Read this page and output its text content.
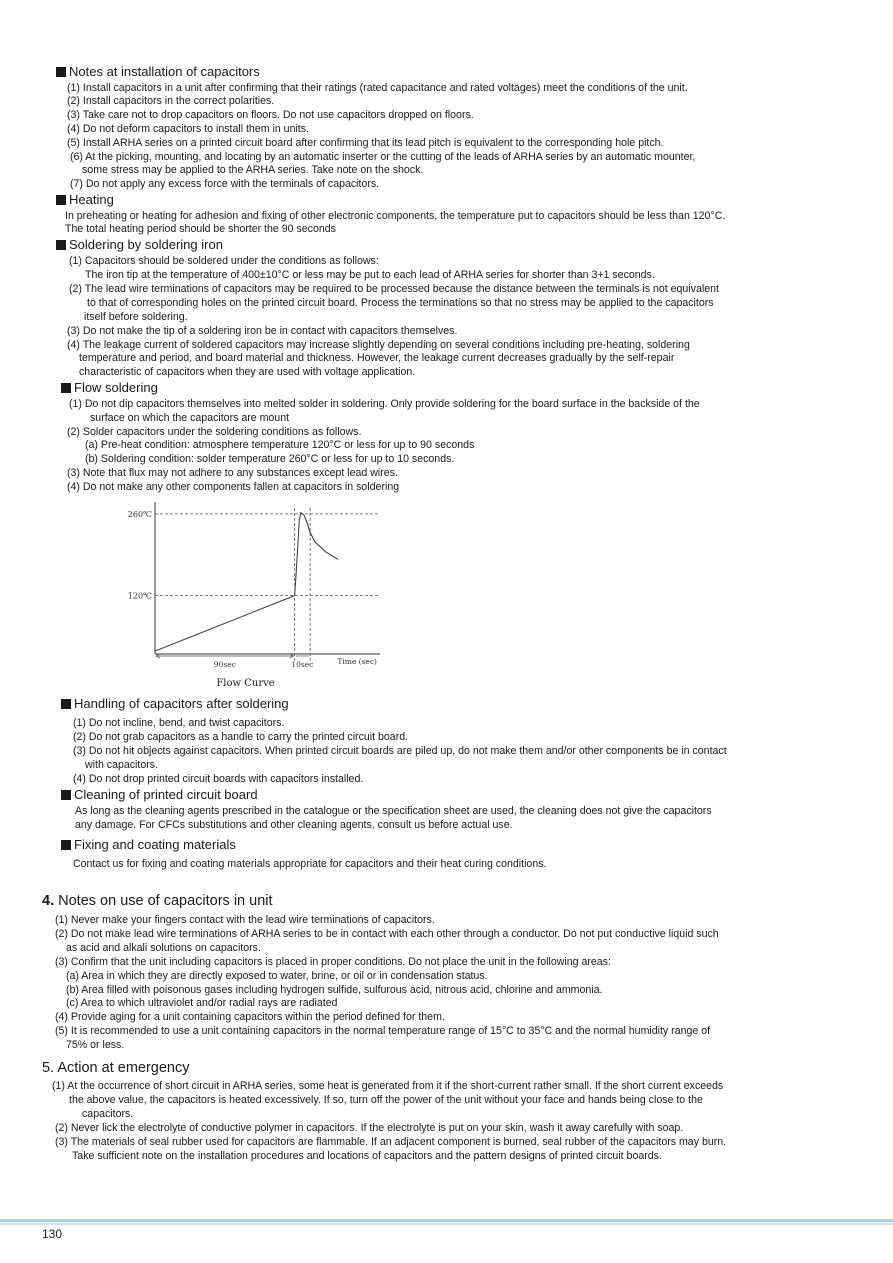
Notes at installation of capacitors
(1) Install capacitors in a unit after confirming that their ratings (rated capacitance and rated voltages) meet the conditions of the unit.
(2) Install capacitors in the correct polarities.
(3) Take care not to drop capacitors on floors. Do not use capacitors dropped on floors.
(4) Do not deform capacitors to install them in units.
(5) Install ARHA series on a printed circuit board after confirming that its lead pitch is equivalent to the corresponding hole pitch.
(6) At the picking, mounting, and locating by an automatic inserter or the cutting of the leads of ARHA series by an automatic mounter,
some stress may be applied to the ARHA series. Take note on the shock.
(7) Do not apply any excess force with the terminals of capacitors.
Heating
In preheating or heating for adhesion and fixing of other electronic components, the temperature put to capacitors should be less than 120°C.
The total heating period should be shorter the 90 seconds
Soldering by soldering iron
(1) Capacitors should be soldered under the conditions as follows:
The iron tip at the temperature of 400±10°C or less may be put to each lead of ARHA series for shorter than 3+1 seconds.
(2) The lead wire terminations of capacitors may be required to be processed because the distance between the terminals is not equivalent
to that of corresponding holes on the printed circuit board. Process the terminations so that no stress may be applied to the capacitors
itself before soldering.
(3) Do not make the tip of a soldering iron be in contact with capacitors themselves.
(4) The leakage current of soldered capacitors may increase slightly depending on several conditions including pre-heating, soldering
temperature and period, and board material and thickness. However, the leakage current decreases gradually by the self-repair
characteristic of capacitors when they are used with voltage application.
Flow soldering
(1) Do not dip capacitors themselves into melted solder in soldering. Only provide soldering for the board surface in the backside of the
surface on which the capacitors are mount
(2) Solder capacitors under the soldering conditions as follows.
(a) Pre-heat condition: atmosphere temperature 120°C or less for up to 90 seconds
(b) Soldering condition: solder temperature 260°C or less for up to 10 seconds.
(3) Note that flux may not adhere to any substances except lead wires.
(4) Do not make any other components fallen at capacitors in soldering
260℃
120℃
90sec	10sec	Time (sec)
Flow Curve
Handling of capacitors after soldering
(1) Do not incline, bend, and twist capacitors.
(2) Do not grab capacitors as a handle to carry the printed circuit board.
(3) Do not hit objects against capacitors. When printed circuit boards are piled up, do not make them and/or other components be in contact
with capacitors.
(4) Do not drop printed circuit boards with capacitors installed.
Cleaning of printed circuit board
As long as the cleaning agents prescribed in the catalogue or the specification sheet are used, the cleaning does not give the capacitors
any damage. For CFCs substitutions and other cleaning agents, consult us before actual use.
Fixing and coating materials
Contact us for fixing and coating materials appropriate for capacitors and their heat curing conditions.
4. Notes on use of capacitors in unit
(1) Never make your fingers contact with the lead wire terminations of capacitors.
(2) Do not make lead wire terminations of ARHA series to be in contact with each other through a conductor. Do not put conductive liquid such
as acid and alkali solutions on capacitors.
(3) Confirm that the unit including capacitors is placed in proper conditions. Do not place the unit in the following areas:
(a) Area in which they are directly exposed to water, brine, or oil or in condensation status.
(b) Area filled with poisonous gases including hydrogen sulfide, sulfurous acid, nitrous acid, chlorine and ammonia.
(c) Area to which ultraviolet and/or radial rays are radiated
(4) Provide aging for a unit containing capacitors within the period defined for them.
(5) It is recommended to use a unit containing capacitors in the normal temperature range of 15°C to 35°C and the normal humidity range of
75% or less.
5. Action at emergency
(1) At the occurrence of short circuit in ARHA series, some heat is generated from it if the short-current rather small. If the short current exceeds
the above value, the capacitors is heated excessively. If so, turn off the power of the unit without your face and hands being close to the
capacitors.
(2) Never lick the electrolyte of conductive polymer in capacitors. If the electrolyte is put on your skin, wash it away carefully with soap.
(3) The materials of seal rubber used for capacitors are flammable. If an adjacent component is burned, seal rubber of the capacitors may burn.
Take sufficient note on the installation procedures and locations of capacitors and the pattern designs of printed circuit boards.
130
